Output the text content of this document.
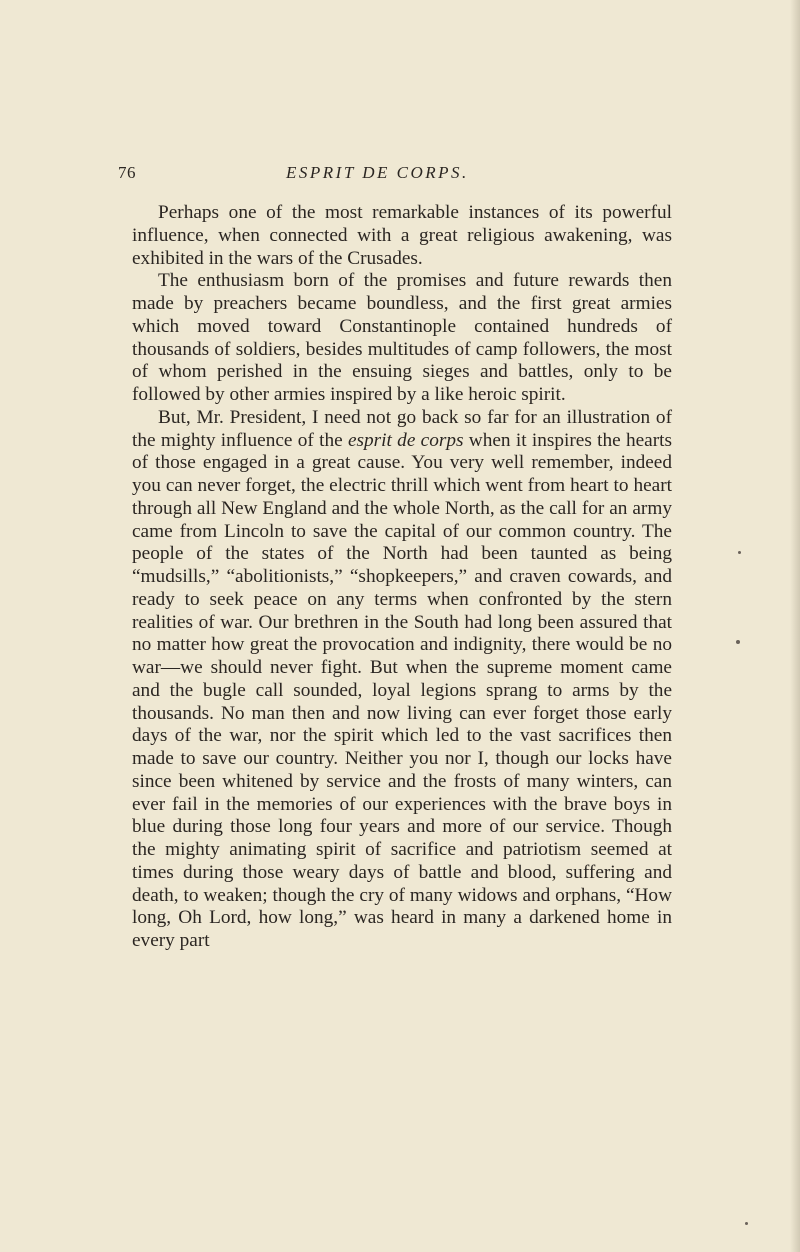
76	ESPRIT DE CORPS.

Perhaps one of the most remarkable instances of its powerful influence, when connected with a great religious awakening, was exhibited in the wars of the Crusades.

The enthusiasm born of the promises and future rewards then made by preachers became boundless, and the first great armies which moved toward Constantinople contained hundreds of thousands of soldiers, besides multitudes of camp followers, the most of whom perished in the ensuing sieges and battles, only to be followed by other armies inspired by a like heroic spirit.

But, Mr. President, I need not go back so far for an illustration of the mighty influence of the esprit de corps when it inspires the hearts of those engaged in a great cause. You very well remember, indeed you can never forget, the electric thrill which went from heart to heart through all New England and the whole North, as the call for an army came from Lincoln to save the capital of our common country. The people of the states of the North had been taunted as being “mudsills,” “abolitionists,” “shopkeepers,” and craven cowards, and ready to seek peace on any terms when confronted by the stern realities of war. Our brethren in the South had long been assured that no matter how great the provocation and indignity, there would be no war—we should never fight. But when the supreme moment came and the bugle call sounded, loyal legions sprang to arms by the thousands. No man then and now living can ever forget those early days of the war, nor the spirit which led to the vast sacrifices then made to save our country. Neither you nor I, though our locks have since been whitened by service and the frosts of many winters, can ever fail in the memories of our experiences with the brave boys in blue during those long four years and more of our service. Though the mighty animating spirit of sacrifice and patriotism seemed at times during those weary days of battle and blood, suffering and death, to weaken; though the cry of many widows and orphans, “How long, Oh Lord, how long,” was heard in many a darkened home in every part
